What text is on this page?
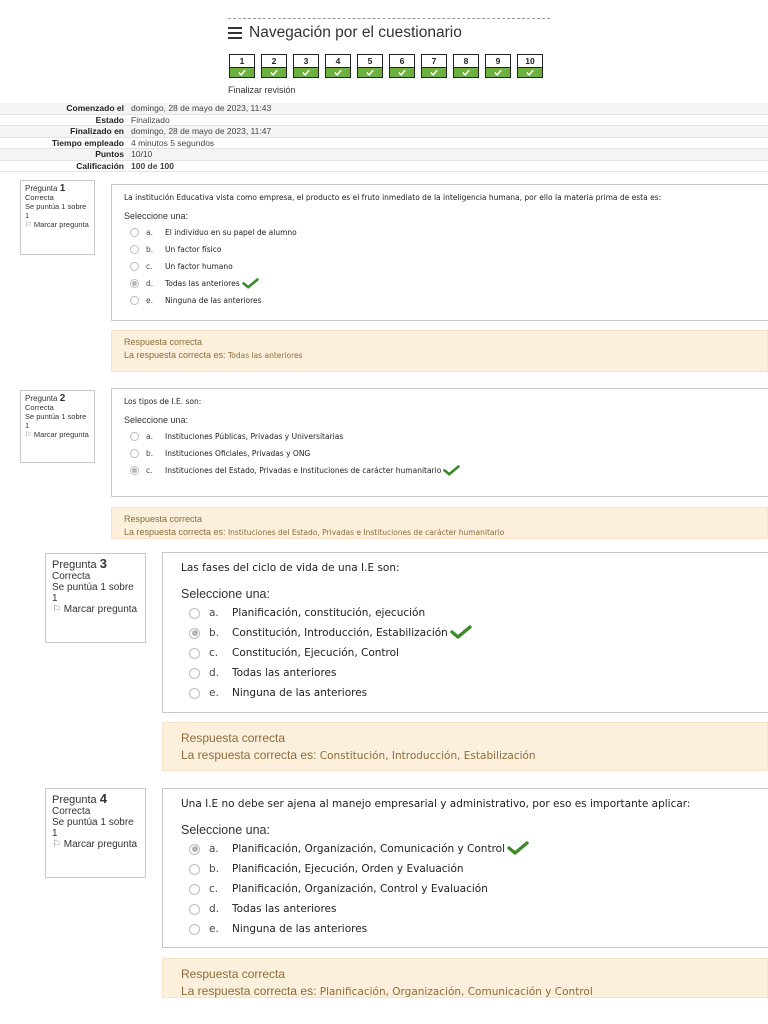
Navegación por el cuestionario
1	2	3	4	5	6	7	8	9	10
Finalizar revisión
Comenzado el	domingo, 28 de mayo de 2023, 11:43
Estado	Finalizado
Finalizado en	domingo, 28 de mayo de 2023, 11:47
Tiempo empleado	4 minutos 5 segundos
Puntos	10/10
Calificación	100 de 100
Pregunta 1
Correcta
Se puntúa 1 sobre 1
⚐ Marcar pregunta
La institución Educativa vista como empresa, el producto es el fruto inmediato de la inteligencia humana, por ello la materia prima de esta es:
Seleccione una:
a.	El individuo en su papel de alumno
b.	Un factor físico
c.	Un factor humano
d.	Todas las anteriores
e.	Ninguna de las anteriores
Respuesta correcta
La respuesta correcta es: Todas las anteriores
Pregunta 2
Correcta
Se puntúa 1 sobre 1
⚐ Marcar pregunta
Los tipos de I.E. son:
Seleccione una:
a.	Instituciones Públicas, Privadas y Universitarias
b.	Instituciones Oficiales, Privadas y ONG
c.	Instituciones del Estado, Privadas e Instituciones de carácter humanitario
Respuesta correcta
La respuesta correcta es: Instituciones del Estado, Privadas e Instituciones de carácter humanitario
Pregunta 3
Correcta
Se puntúa 1 sobre 1
⚐ Marcar pregunta
Las fases del ciclo de vida de una I.E son:
Seleccione una:
a.	Planificación, constitución, ejecución
b.	Constitución, Introducción, Estabilización
c.	Constitución, Ejecución, Control
d.	Todas las anteriores
e.	Ninguna de las anteriores
Respuesta correcta
La respuesta correcta es: Constitución, Introducción, Estabilización
Pregunta 4
Correcta
Se puntúa 1 sobre 1
⚐ Marcar pregunta
Una I.E no debe ser ajena al manejo empresarial y administrativo, por eso es importante aplicar:
Seleccione una:
a.	Planificación, Organización, Comunicación y Control
b.	Planificación, Ejecución, Orden y Evaluación
c.	Planificación, Organización, Control y Evaluación
d.	Todas las anteriores
e.	Ninguna de las anteriores
Respuesta correcta
La respuesta correcta es: Planificación, Organización, Comunicación y Control
